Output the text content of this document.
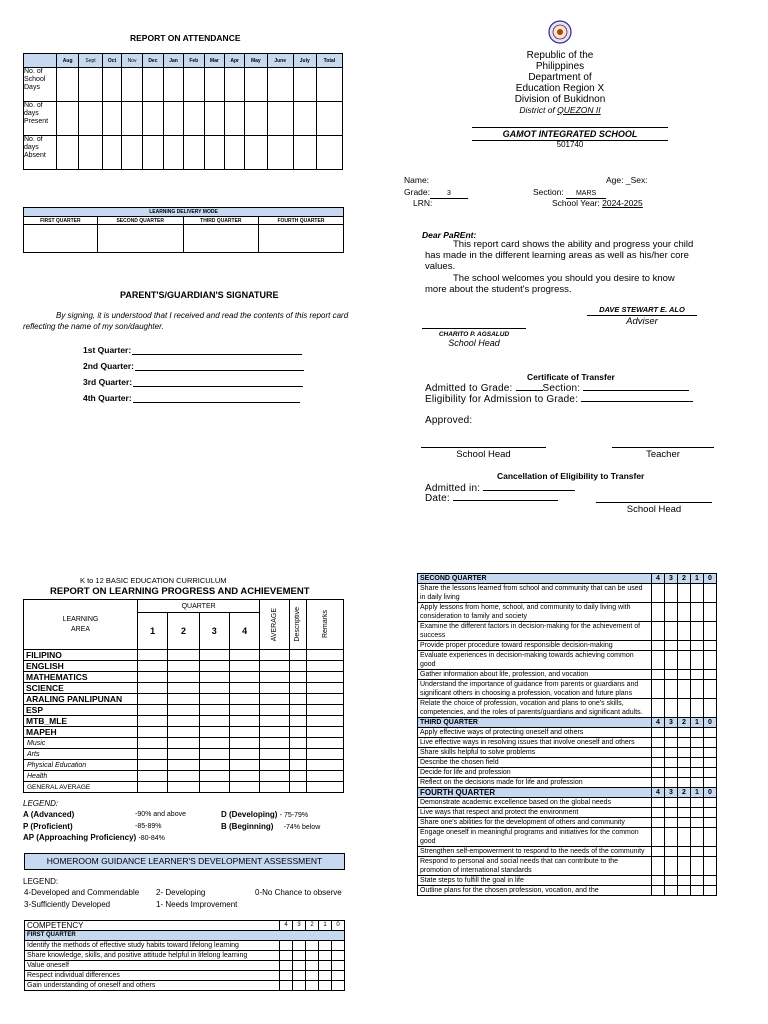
REPORT ON ATTENDANCE
	Aug	Sept	Oct	Nov	Dec	Jan	Feb	Mar	Apr	May	June	July	Total
No. of School Days													
No. of days Present													
No. of days Absent													
LEARNING DELIVERY MODE			
FIRST QUARTER	SECOND QUARTER	THIRD QUARTER	FOURTH QUARTER

PARENT'S/GUARDIAN'S SIGNATURE
By signing, it is understood that I received and read the contents of this report card reflecting the name of my son/daughter.
1st Quarter:
2nd Quarter:
3rd Quarter:
4th Quarter:
Republic of the
Philippines
Department of
Education Region X
Division of Bukidnon
District of QUEZON II
GAMOT INTEGRATED SCHOOL
501740
Name:	Age: _Sex:
Grade: 3	Section: MARS
LRN:	School Year: 2024-2025
Dear PaREnt:
This report card shows the ability and progress your child has made in the different learning areas as well as his/her core values.
The school welcomes you should you desire to know more about the student's progress.
DAVE STEWART E. ALO
Adviser
CHARITO P. AGSALUD
School Head
Certificate of Transfer
Admitted to Grade:	Section:
Eligibility for Admission to Grade:
Approved:
School Head	Teacher
Cancellation of Eligibility to Transfer
Admitted in:
Date:
School Head
K to 12 BASIC EDUCATION CURRICULUM
REPORT ON LEARNING PROGRESS AND ACHIEVEMENT
LEARNING
AREA	QUARTER				AVERAGE	Descriptive	Remarks

	1	2	3	4			
FILIPINO							
ENGLISH							
MATHEMATICS							
SCIENCE							
ARALING PANLIPUNAN							
ESP							
MTB_MLE							
MAPEH							
Music							
Arts							
Physical Education							
Health							
GENERAL AVERAGE							
LEGEND:
A (Advanced)	-90% and above
P (Proficient)	-85-89%
AP (Approaching Proficiency) -80-84%
D (Developing) - 75-79%
B (Beginning) -74% below
HOMEROOM GUIDANCE LEARNER'S DEVELOPMENT ASSESSMENT
LEGEND:
4-Developed and Commendable
3-Sufficiently Developed
2- Developing
1- Needs Improvement
0-No Chance to observe
COMPETENCY	4	3	2	1	0
FIRST QUARTER					
Identify the methods of effective study habits toward lifelong learning					
Share knowledge, skills, and positive attitude helpful in lifelong learning					
Value oneself					
Respect individual differences					
Gain understanding of oneself and others					
SECOND QUARTER	4	3	2	1	0
Share the lessons learned from school and community that can be used in daily living					
Apply lessons from home, school, and community to daily living with consideration to family and society					
Examine the different factors in decision-making for the achievement of success					
Provide proper procedure toward responsible decision-making					
Evaluate experiences in decision-making towards achieving common good					
Gather information about life, profession, and vocation					
Understand the importance of guidance from parents or guardians and significant others in choosing a profession, vocation and future plans					
Relate the choice of profession, vocation and plans to one's skills, competencies, and the roles of parents/guardians and significant adults.					
THIRD QUARTER	4	3	2	1	0
Apply effective ways of protecting oneself and others					
Live effective ways in resolving issues that involve oneself and others					
Share skills helpful to solve problems					
Describe the chosen field					
Decide for life and profession					
Reflect on the decisions made for life and profession					
FOURTH QUARTER	4	3	2	1	0
Demonstrate academic excellence based on the global needs					
Live ways that respect and protect the environment					
Share one's abilities for the development of others and community					
Engage oneself in meaningful programs and initiatives for the common good					
Strengthen self-empowerment to respond to the needs of the community					
Respond to personal and social needs that can contribute to the promotion of international standards					
State steps to fulfill the goal in life					
Outline plans for the chosen profession, vocation, and the					
